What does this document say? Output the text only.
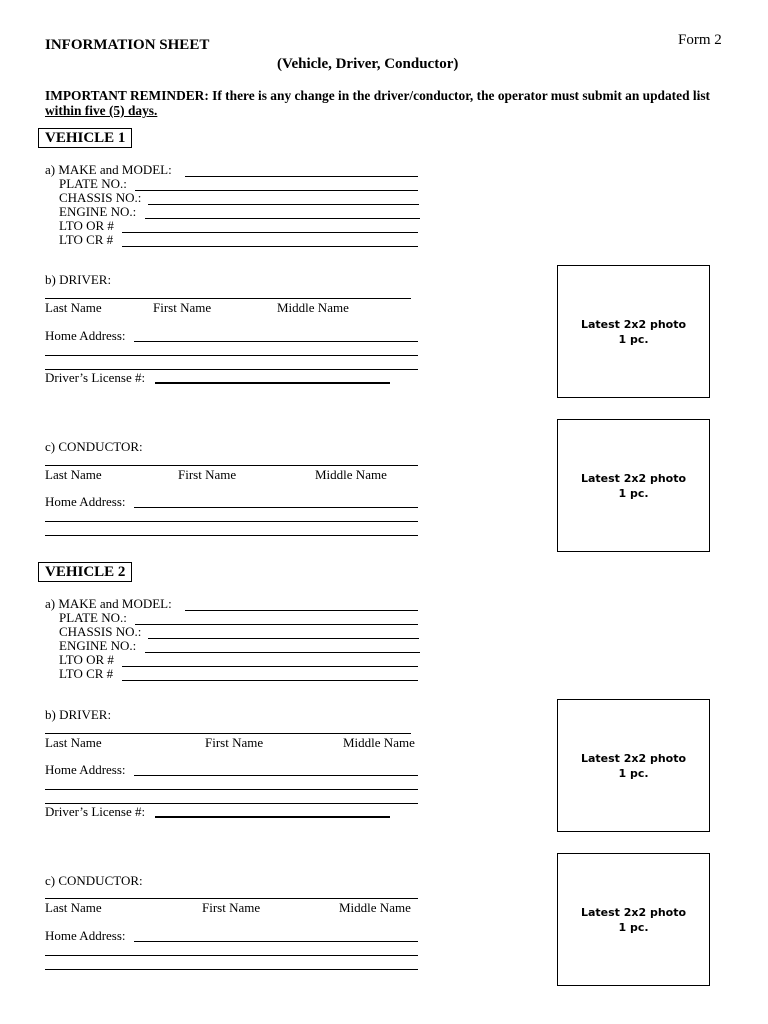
INFORMATION SHEET	Form 2
(Vehicle, Driver, Conductor)
IMPORTANT REMINDER: If there is any change in the driver/conductor, the operator must submit an updated list within five (5) days.
VEHICLE 1
a) MAKE and MODEL:
PLATE NO.:
CHASSIS NO.:
ENGINE NO.:
LTO OR #
LTO CR #
b) DRIVER:
Last Name	First Name	Middle Name
Home Address:
Driver’s License #:
Latest 2x2 photo
1 pc.
c) CONDUCTOR:
Last Name	First Name	Middle Name
Home Address:
Latest 2x2 photo
1 pc.
VEHICLE 2
a) MAKE and MODEL:
PLATE NO.:
CHASSIS NO.:
ENGINE NO.:
LTO OR #
LTO CR #
b) DRIVER:
Last Name	First Name	Middle Name
Home Address:
Driver’s License #:
Latest 2x2 photo
1 pc.
c) CONDUCTOR:
Last Name	First Name	Middle Name
Home Address:
Latest 2x2 photo
1 pc.
